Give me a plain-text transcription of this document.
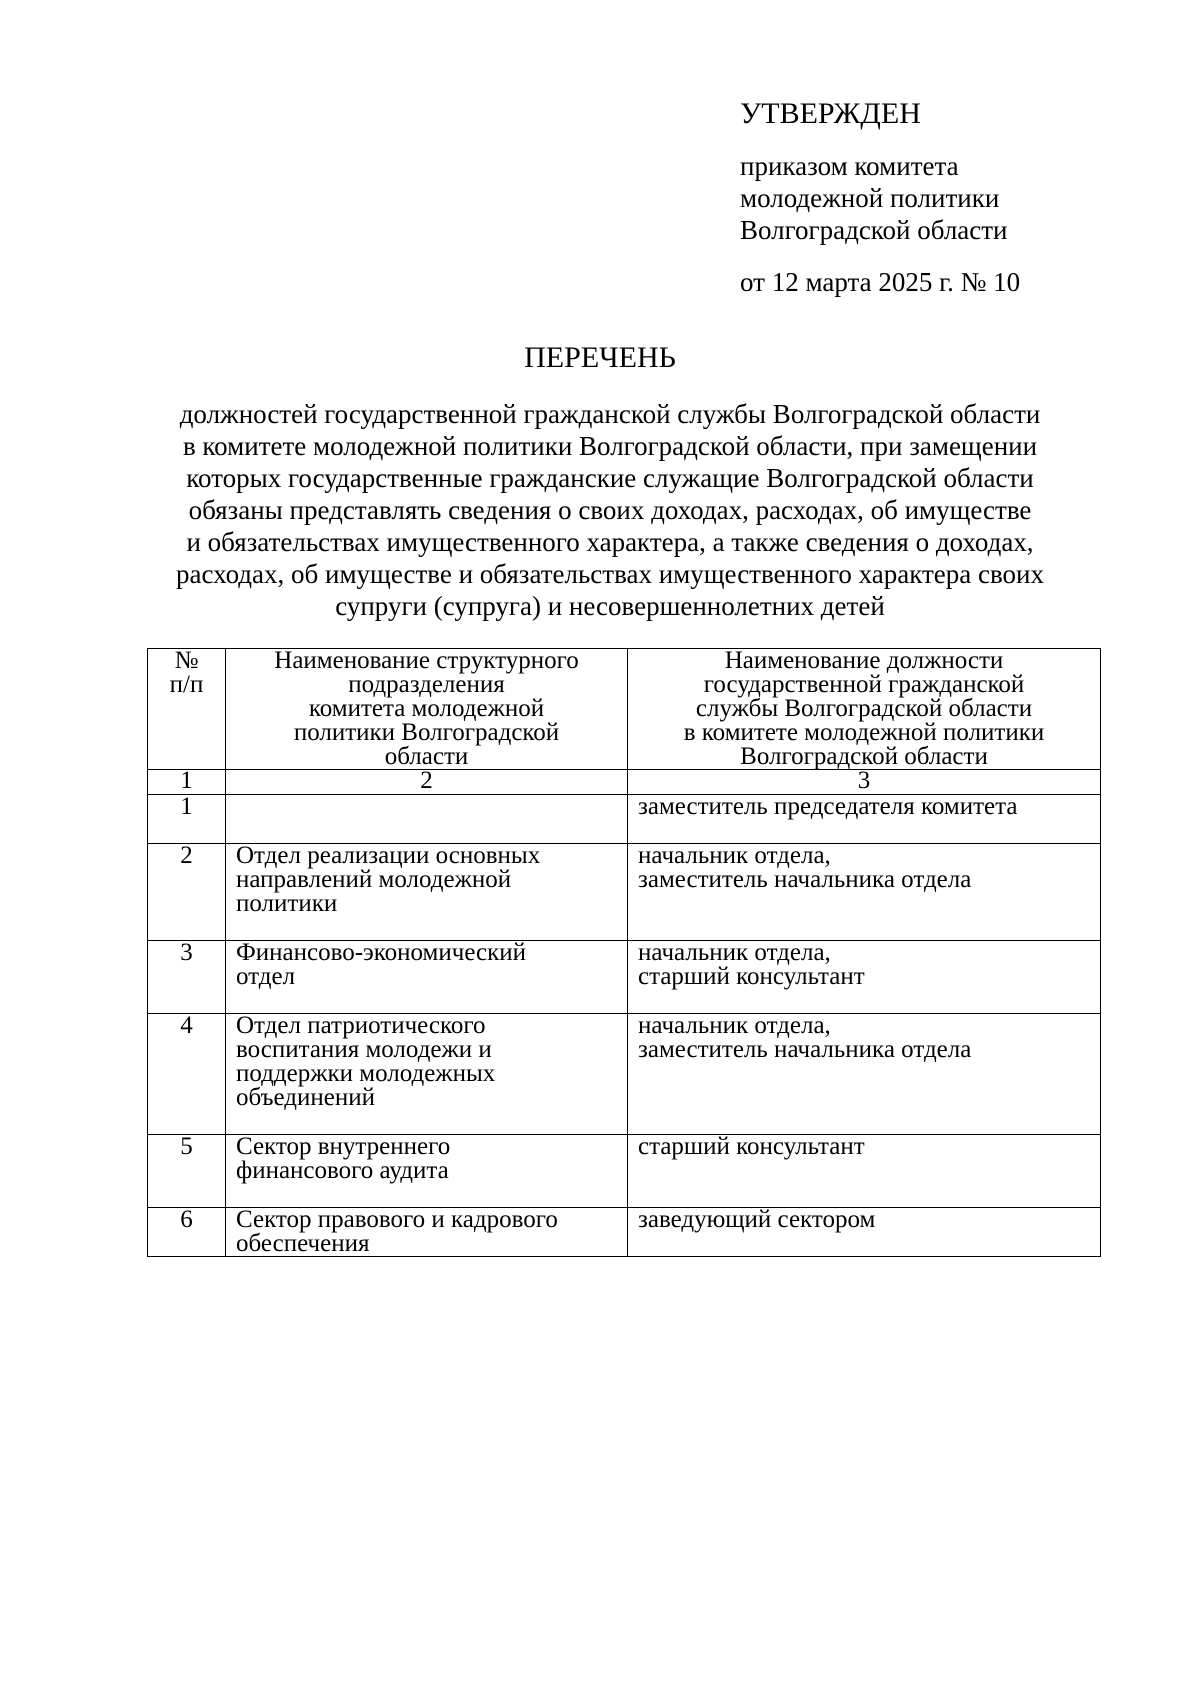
УТВЕРЖДЕН
приказом комитета
молодежной политики
Волгоградской области
от 12 марта 2025 г. № 10
ПЕРЕЧЕНЬ
должностей государственной гражданской службы Волгоградской области
в комитете молодежной политики Волгоградской области, при замещении
которых государственные гражданские служащие Волгоградской области
обязаны представлять сведения о своих доходах, расходах, об имуществе
и обязательствах имущественного характера, а также сведения о доходах,
расходах, об имуществе и обязательствах имущественного характера своих
супруги (супруга) и несовершеннолетних детей
№
п/п	Наименование структурного
подразделения
комитета молодежной
политики Волгоградской
области	Наименование должности
государственной гражданской
службы Волгоградской области
в комитете молодежной политики
Волгоградской области
1	2	3
1		заместитель председателя комитета
2	Отдел реализации основных
направлений молодежной
политики	начальник отдела,
заместитель начальника отдела
3	Финансово-экономический
отдел	начальник отдела,
старший консультант
4	Отдел патриотического
воспитания молодежи и
поддержки молодежных
объединений	начальник отдела,
заместитель начальника отдела
5	Сектор внутреннего
финансового аудита	старший консультант
6	Сектор правового и кадрового
обеспечения	заведующий сектором
